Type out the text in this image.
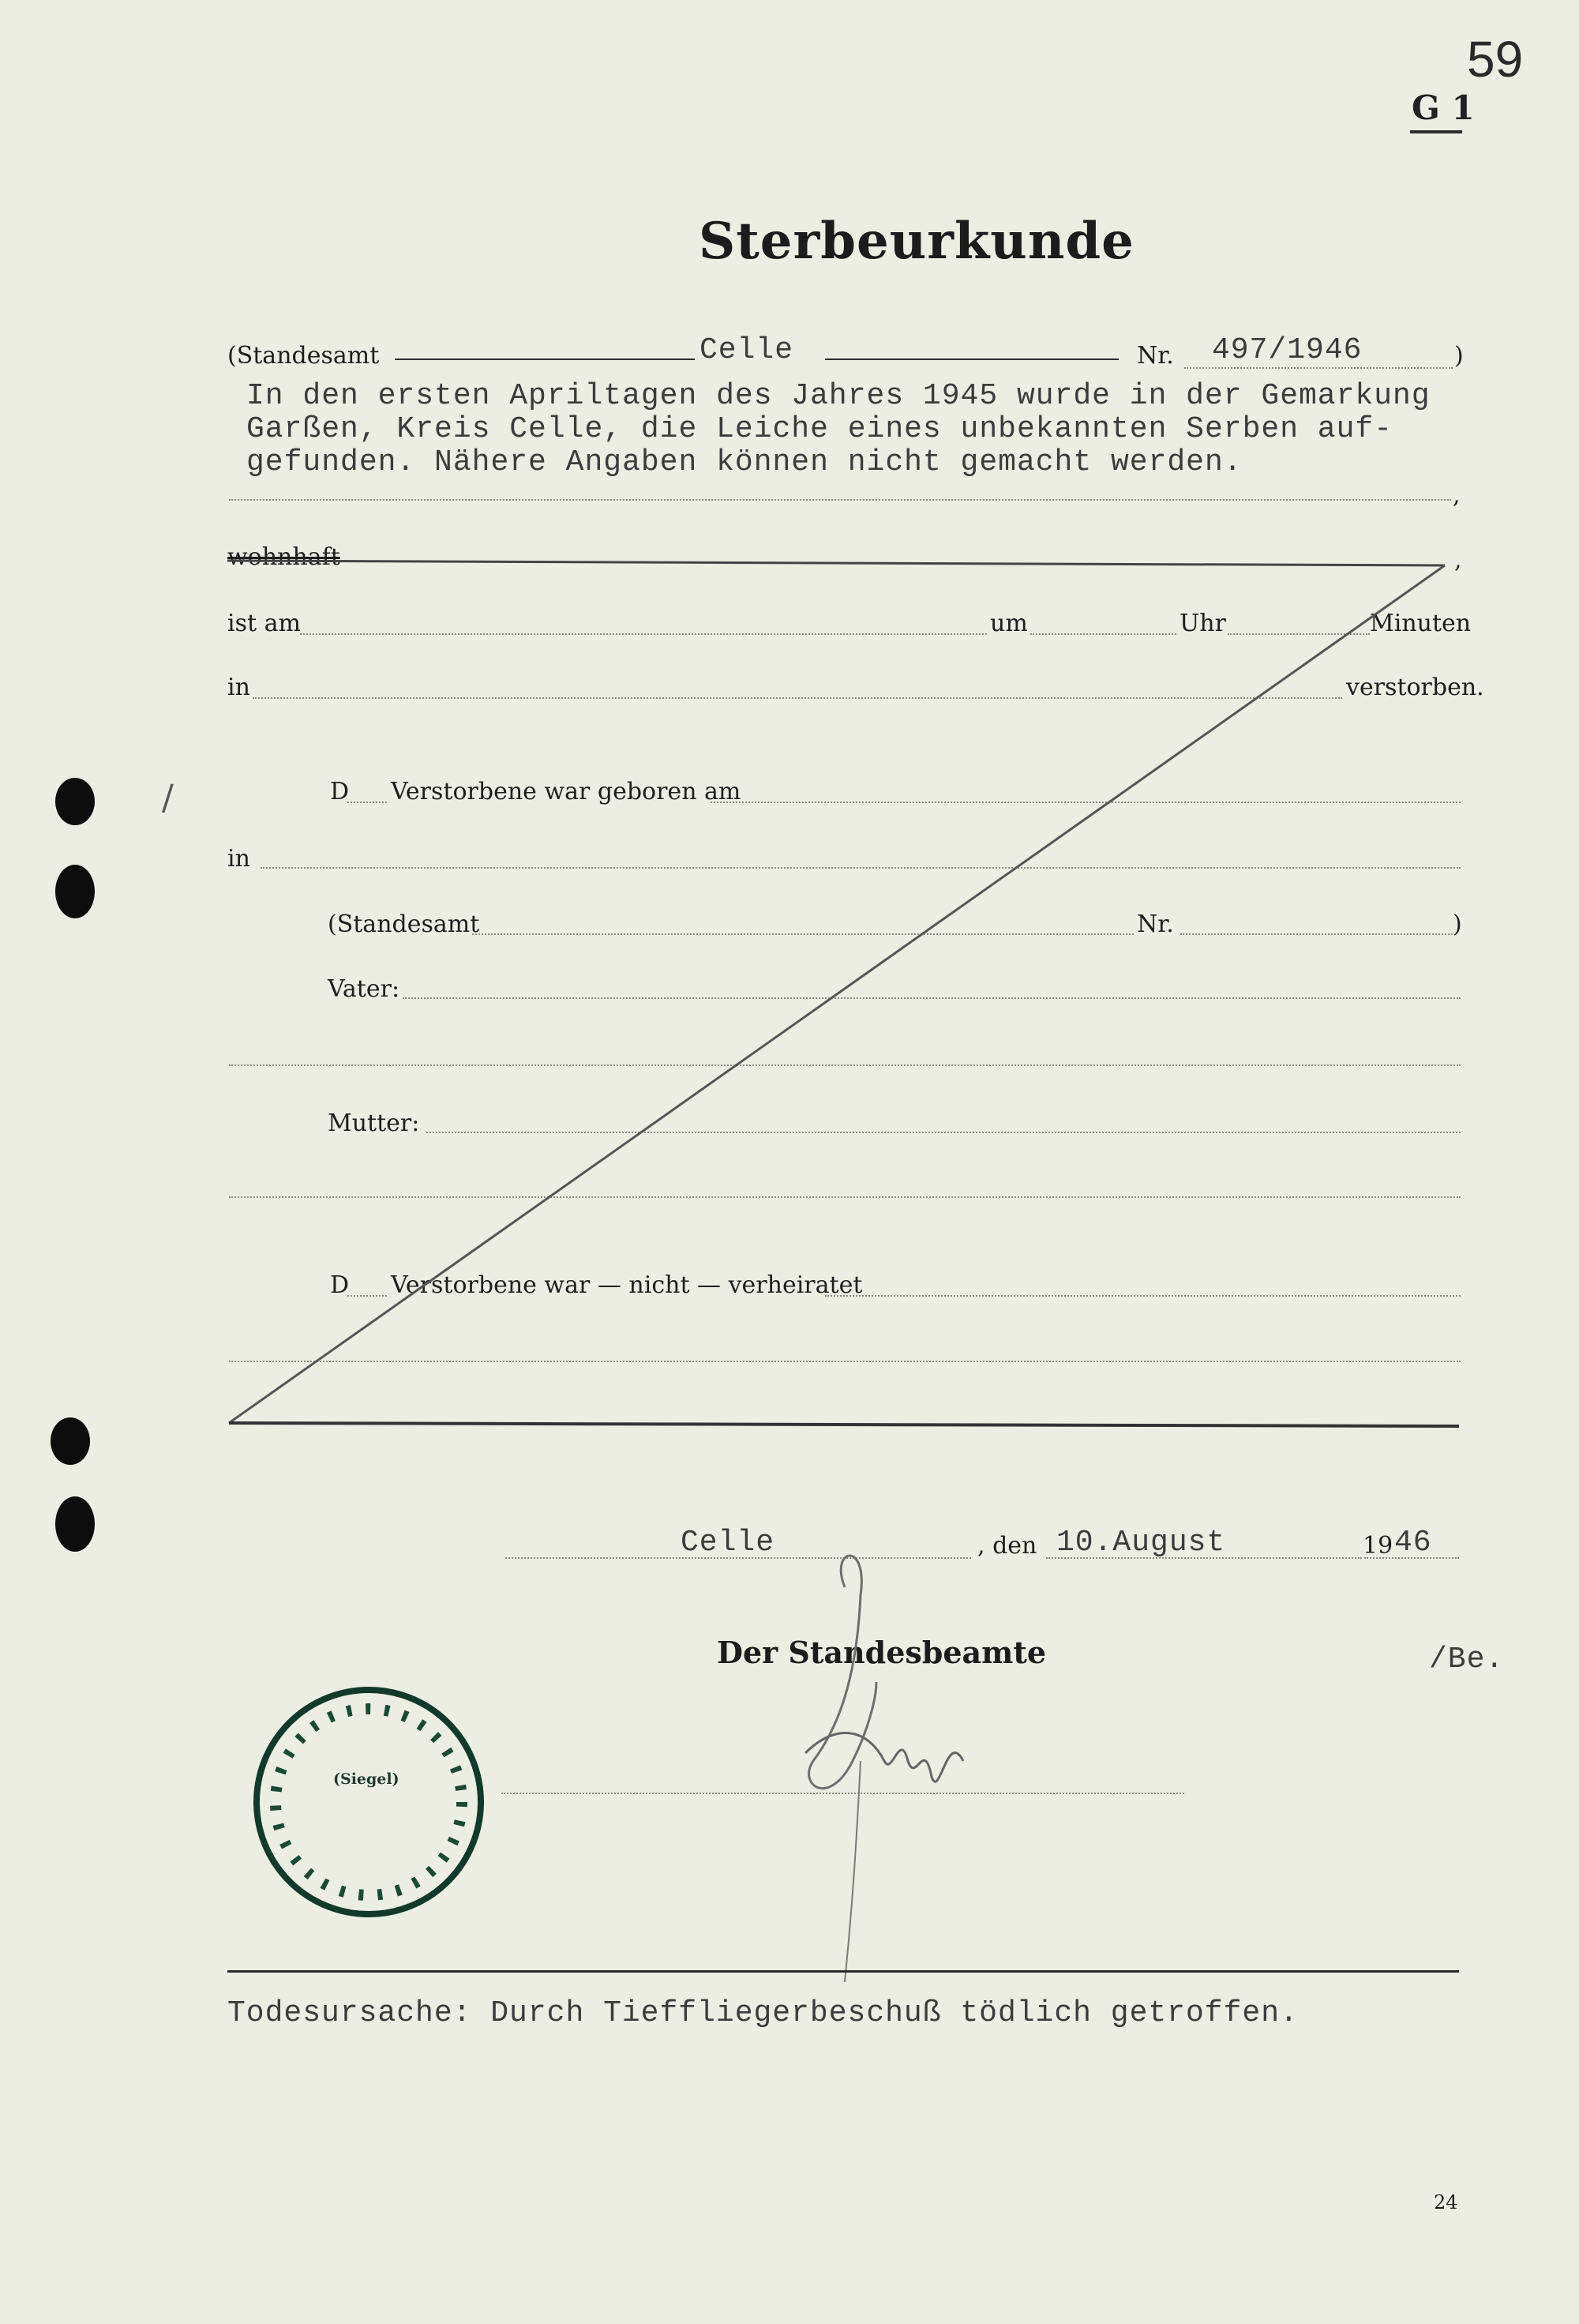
59
G 1
Sterbeurkunde
(Standesamt	Celle	Nr. 497/1946	)
In den ersten Apriltagen des Jahres 1945 wurde in der Gemarkung
Garßen, Kreis Celle, die Leiche eines unbekannten Serben auf-
gefunden. Nähere Angaben können nicht gemacht werden.
,
wohnhaft	,
ist am	um	Uhr	Minuten
in	verstorben.
D Verstorbene war geboren am
in
(Standesamt	Nr.	)
Vater:
Mutter:
D Verstorbene war — nicht — verheiratet
Celle	, den 10.August	19 46
Der Standesbeamte	/Be.
(Siegel)
Todesursache: Durch Tieffliegerbeschuß tödlich getroffen.
24
/
